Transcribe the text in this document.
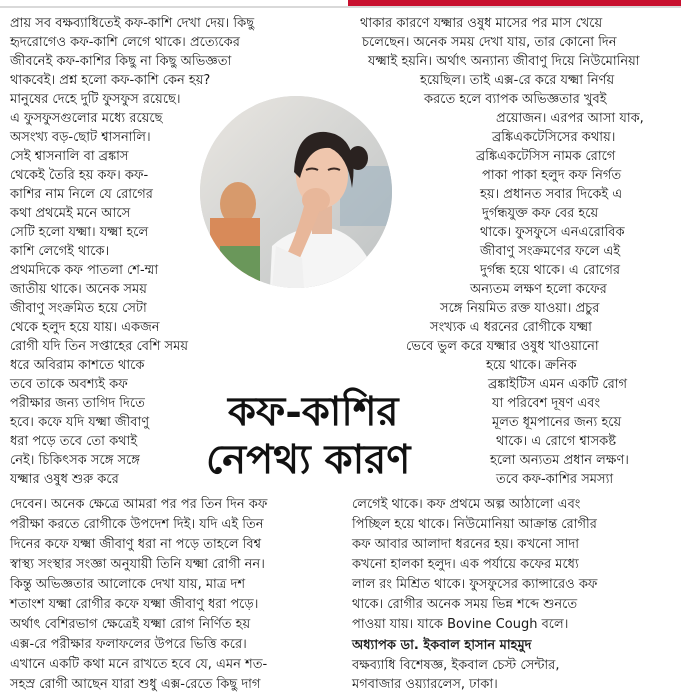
প্রায় সব বক্ষব্যাধিতেই কফ-কাশি দেখা দেয়। কিছু
হৃদরোগেও কফ-কাশি লেগে থাকে। প্রত্যেকের
জীবনেই কফ-কাশির কিছু না কিছু অভিজ্ঞতা
থাকবেই। প্রশ্ন হলো কফ-কাশি কেন হয়?
মানুষের দেহে দুটি ফুসফুস রয়েছে।
এ ফুসফুসগুলোর মধ্যে রয়েছে
অসংখ্য বড়-ছোট শ্বাসনালি।
সেই শ্বাসনালি বা ব্রঙ্কাস
থেকেই তৈরি হয় কফ। কফ-
কাশির নাম নিলে যে রোগের
কথা প্রথমেই মনে আসে
সেটি হলো যক্ষ্মা। যক্ষ্মা হলে
কাশি লেগেই থাকে।
প্রথমদিকে কফ পাতলা শে-ম্মা
জাতীয় থাকে। অনেক সময়
জীবাণু সংক্রমিত হয়ে সেটা
থেকে হলুদ হয়ে যায়। একজন
রোগী যদি তিন সপ্তাহের বেশি সময়
ধরে অবিরাম কাশতে থাকে
তবে তাকে অবশ্যই কফ
পরীক্ষার জন্য তাগিদ দিতে
হবে। কফে যদি যক্ষ্মা জীবাণু
ধরা পড়ে তবে তো কথাই
নেই। চিকিৎসক সঙ্গে সঙ্গে
যক্ষ্মার ওষুধ শুরু করে
দেবেন। অনেক ক্ষেত্রে আমরা পর পর তিন দিন কফ
পরীক্ষা করতে রোগীকে উপদেশ দিই। যদি এই তিন
দিনের কফে যক্ষ্মা জীবাণু ধরা না পড়ে তাহলে বিশ্ব
স্বাস্থ্য সংস্থার সংজ্ঞা অনুযায়ী তিনি যক্ষ্মা রোগী নন।
কিন্তু অভিজ্ঞতার আলোকে দেখা যায়, মাত্র দশ
শতাংশ যক্ষ্মা রোগীর কফে যক্ষ্মা জীবাণু ধরা পড়ে।
অর্থাৎ বেশিরভাগ ক্ষেত্রেই যক্ষ্মা রোগ নির্ণিত হয়
এক্স-রে পরীক্ষার ফলাফলের উপরে ভিত্তি করে।
এখানে একটি কথা মনে রাখতে হবে যে, এমন শত-
সহস্র রোগী আছেন যারা শুধু এক্স-রেতে কিছু দাগ
থাকার কারণে যক্ষ্মার ওষুধ মাসের পর মাস খেয়ে
চলেছেন। অনেক সময় দেখা যায়, তার কোনো দিন
যক্ষ্মাই হয়নি। অর্থাৎ অন্যান্য জীবাণু দিয়ে নিউমোনিয়া
হয়েছিল। তাই এক্স-রে করে যক্ষ্মা নির্ণয়
করতে হলে ব্যাপক অভিজ্ঞতার খুবই
প্রয়োজন। এরপর আসা যাক,
ব্রঙ্কিএকটেসিসের কথায়।
ব্রঙ্কিএকটেসিস নামক রোগে
পাকা পাকা হলুদ কফ নির্গত
হয়। প্রধানত সবার দিকেই এ
দুর্গন্ধযুক্ত কফ বের হয়ে
থাকে। ফুসফুসে এনএরোবিক
জীবাণু সংক্রমণের ফলে এই
দুর্গন্ধ হয়ে থাকে। এ রোগের
অন্যতম লক্ষণ হলো কফের
সঙ্গে নিয়মিত রক্ত যাওয়া। প্রচুর
সংখ্যক এ ধরনের রোগীকে যক্ষ্মা
ভেবে ভুল করে যক্ষ্মার ওষুধ খাওয়ানো
হয়ে থাকে। ক্রনিক
ব্রঙ্কাইটিস এমন একটি রোগ
যা পরিবেশ দূষণ এবং
মূলত ধূমপানের জন্য হয়ে
থাকে। এ রোগে শ্বাসকষ্ট
হলো অন্যতম প্রধান লক্ষণ।
তবে কফ-কাশির সমস্যা
লেগেই থাকে। কফ প্রথমে অল্প আঠালো এবং
পিচ্ছিল হয়ে থাকে। নিউমোনিয়া আক্রান্ত রোগীর
কফ আবার আলাদা ধরনের হয়। কখনো সাদা
কখনো হালকা হলুদ। এক পর্যায়ে কফের মধ্যে
লাল রং মিশ্রিত থাকে। ফুসফুসের ক্যান্সারেও কফ
থাকে। রোগীর অনেক সময় ভিন্ন শব্দে শুনতে
পাওয়া যায়। যাকে Bovine Cough বলে।
কফ-কাশির
নেপথ্য কারণ
অধ্যাপক ডা. ইকবাল হাসান মাহমুদ
বক্ষব্যাধি বিশেষজ্ঞ, ইকবাল চেস্ট সেন্টার,
মগবাজার ওয়্যারলেস, ঢাকা।
